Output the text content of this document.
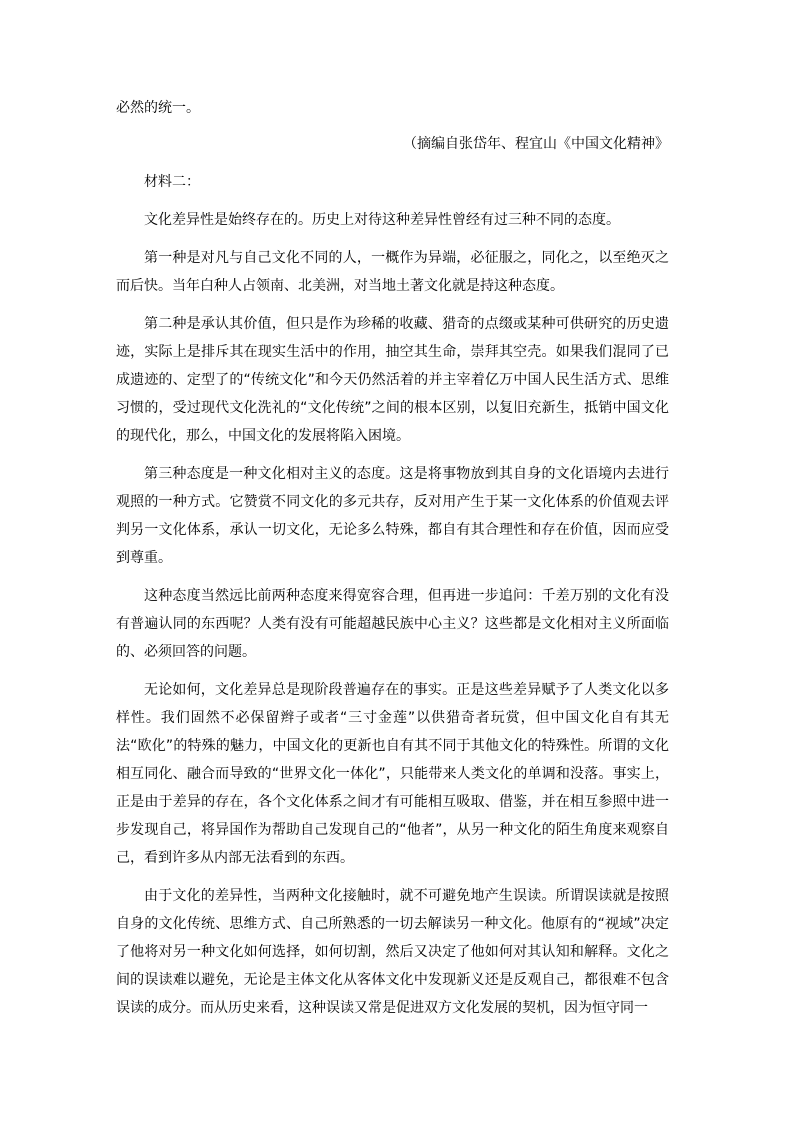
必然的统一。

（摘编自张岱年、程宜山《中国文化精神》

材料二：

文化差异性是始终存在的。历史上对待这种差异性曾经有过三种不同的态度。

第一种是对凡与自己文化不同的人，一概作为异端，必征服之，同化之，以至绝灭之而后快。当年白种人占领南、北美洲，对当地土著文化就是持这种态度。

第二种是承认其价值，但只是作为珍稀的收藏、猎奇的点缀或某种可供研究的历史遗迹，实际上是排斥其在现实生活中的作用，抽空其生命，崇拜其空壳。如果我们混同了已成遗迹的、定型了的“传统文化”和今天仍然活着的并主宰着亿万中国人民生活方式、思维习惯的，受过现代文化洗礼的“文化传统”之间的根本区别，以复旧充新生，抵销中国文化的现代化，那么，中国文化的发展将陷入困境。

第三种态度是一种文化相对主义的态度。这是将事物放到其自身的文化语境内去进行观照的一种方式。它赞赏不同文化的多元共存，反对用产生于某一文化体系的价值观去评判另一文化体系，承认一切文化，无论多么特殊，都自有其合理性和存在价值，因而应受到尊重。

这种态度当然远比前两种态度来得宽容合理，但再进一步追问：千差万别的文化有没有普遍认同的东西呢？人类有没有可能超越民族中心主义？这些都是文化相对主义所面临的、必须回答的问题。

无论如何，文化差异总是现阶段普遍存在的事实。正是这些差异赋予了人类文化以多样性。我们固然不必保留辫子或者“三寸金莲”以供猎奇者玩赏，但中国文化自有其无法“欧化”的特殊的魅力，中国文化的更新也自有其不同于其他文化的特殊性。所谓的文化相互同化、融合而导致的“世界文化一体化”，只能带来人类文化的单调和没落。事实上，正是由于差异的存在，各个文化体系之间才有可能相互吸取、借鉴，并在相互参照中进一步发现自己，将异国作为帮助自己发现自己的“他者”，从另一种文化的陌生角度来观察自己，看到许多从内部无法看到的东西。

由于文化的差异性，当两种文化接触时，就不可避免地产生误读。所谓误读就是按照自身的文化传统、思维方式、自己所熟悉的一切去解读另一种文化。他原有的“视域”决定了他将对另一种文化如何选择，如何切割，然后又决定了他如何对其认知和解释。文化之间的误读难以避免，无论是主体文化从客体文化中发现新义还是反观自己，都很难不包含误读的成分。而从历史来看，这种误读又常是促进双方文化发展的契机，因为恒守同一
